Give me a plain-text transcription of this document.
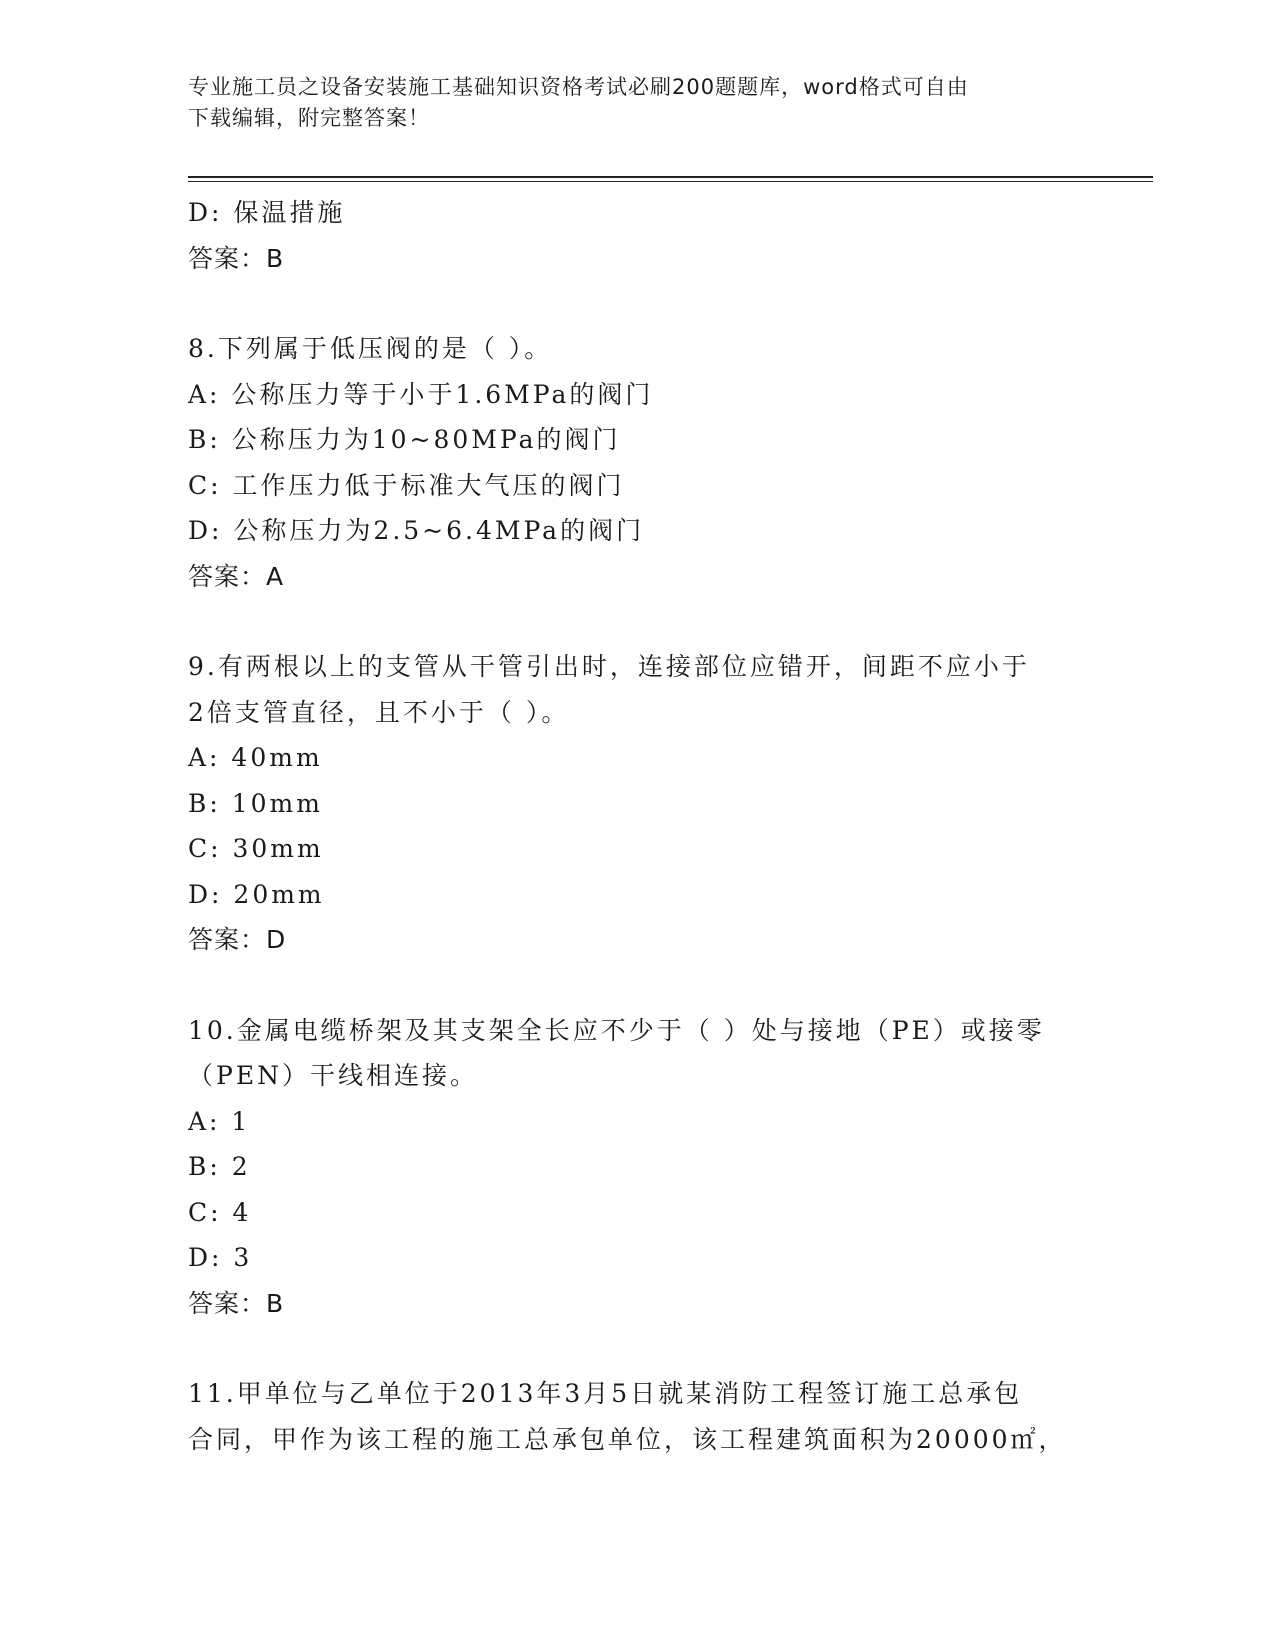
专业施工员之设备安装施工基础知识资格考试必刷200题题库，word格式可自由
下载编辑，附完整答案！
D: 保温措施
答案：B
8.下列属于低压阀的是（ ）。
A: 公称压力等于小于1.6MPa的阀门
B: 公称压力为10~80MPa的阀门
C: 工作压力低于标准大气压的阀门
D: 公称压力为2.5~6.4MPa的阀门
答案：A
9.有两根以上的支管从干管引出时，连接部位应错开，间距不应小于
2倍支管直径，且不小于（ ）。
A: 40mm
B: 10mm
C: 30mm
D: 20mm
答案：D
10.金属电缆桥架及其支架全长应不少于（ ）处与接地（PE）或接零
（PEN）干线相连接。
A: 1
B: 2
C: 4
D: 3
答案：B
11.甲单位与乙单位于2013年3月5日就某消防工程签订施工总承包
合同，甲作为该工程的施工总承包单位，该工程建筑面积为20000㎡，
